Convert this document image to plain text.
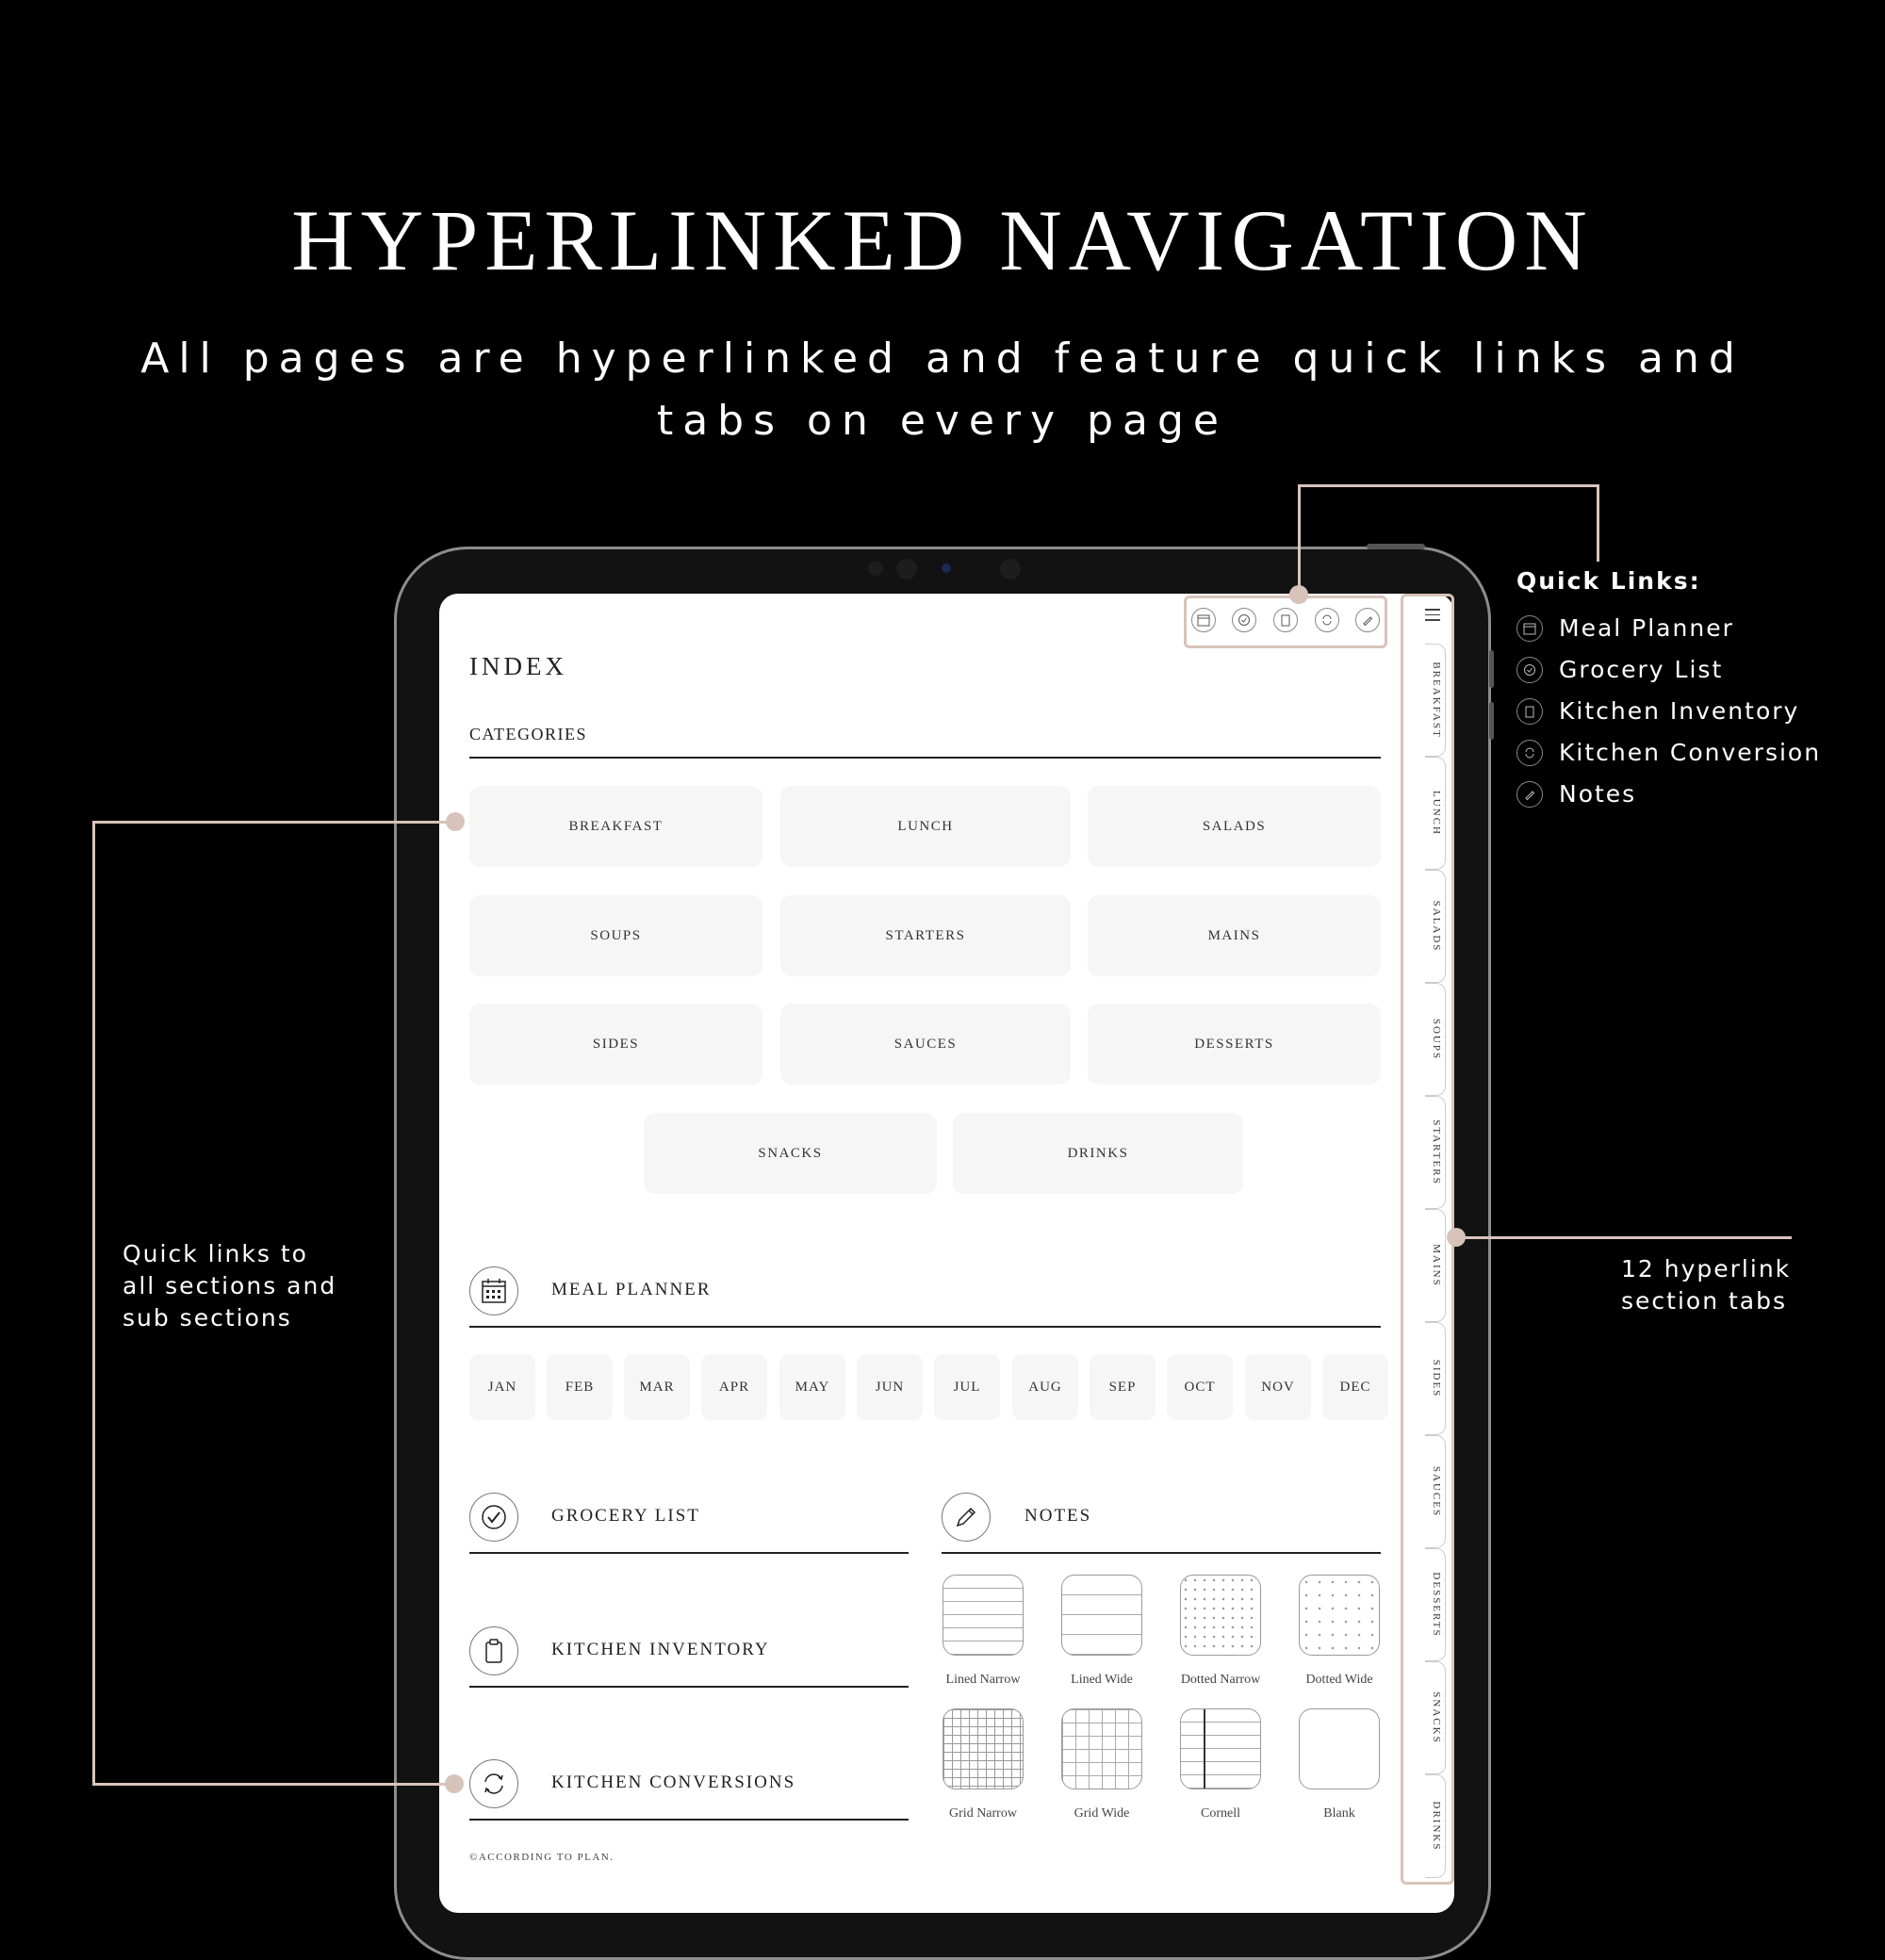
HYPERLINKED NAVIGATION
All pages are hyperlinked and feature quick links and tabs on every page
INDEX
CATEGORIES
BREAKFAST	LUNCH	SALADS
SOUPS	STARTERS	MAINS
SIDES	SAUCES	DESSERTS
SNACKS	DRINKS
MEAL PLANNER
JAN	FEB	MAR	APR	MAY	JUN	JUL	AUG	SEP	OCT	NOV	DEC
GROCERY LIST
KITCHEN INVENTORY
KITCHEN CONVERSIONS
NOTES
Lined Narrow	Lined Wide	Dotted Narrow	Dotted Wide
Grid Narrow	Grid Wide	Cornell	Blank
©ACCORDING TO PLAN.
BREAKFAST
LUNCH
SALADS
SOUPS
STARTERS
MAINS
SIDES
SAUCES
DESSERTS
SNACKS
DRINKS
Quick links to all sections and sub sections
12 hyperlink section tabs
Quick Links:
Meal Planner
Grocery List
Kitchen Inventory
Kitchen Conversion
Notes
